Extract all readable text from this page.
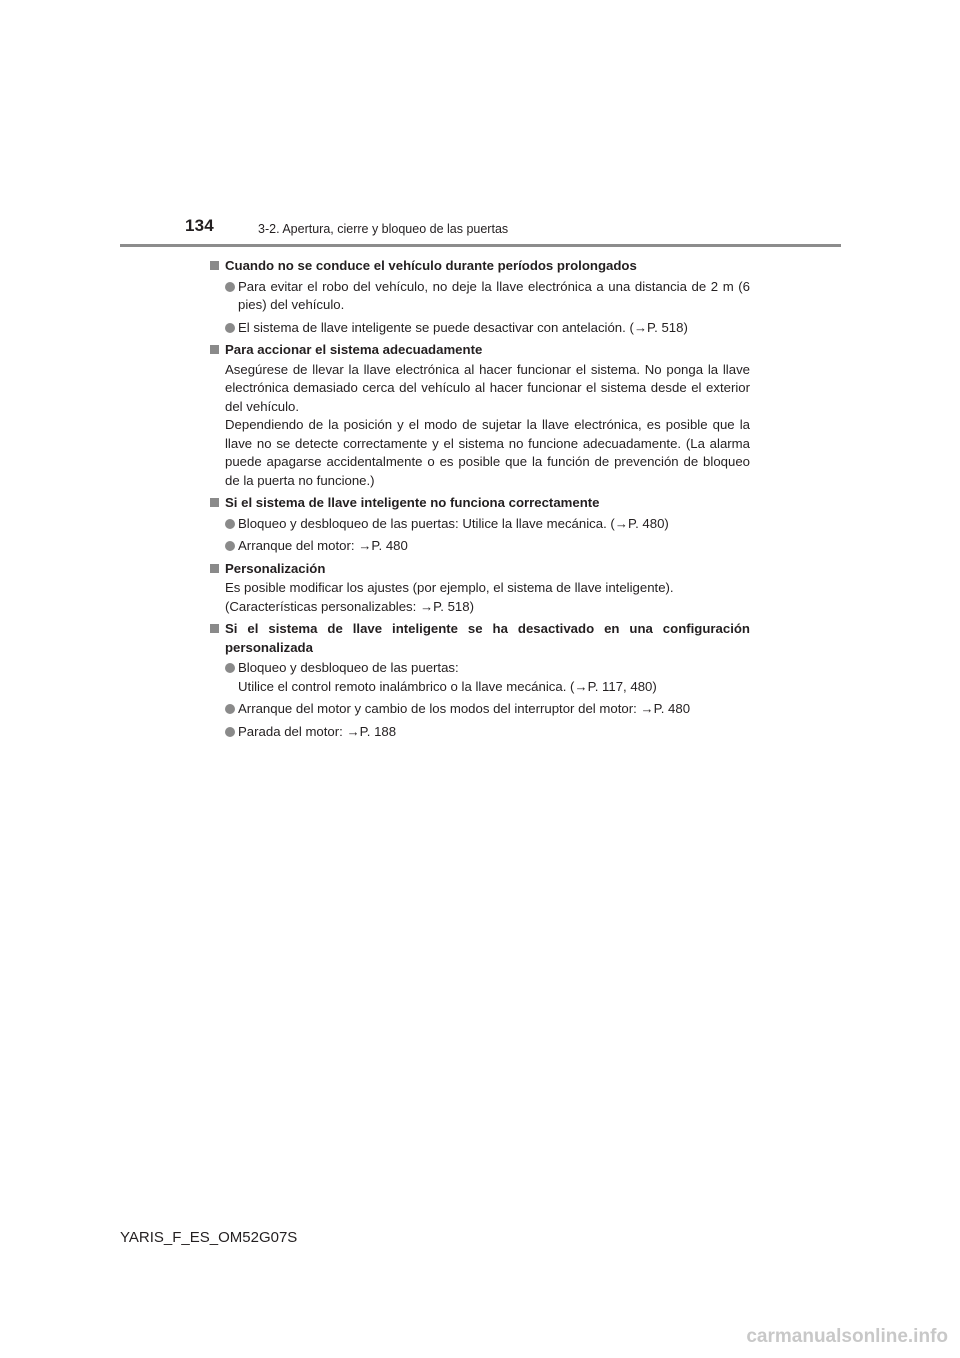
134	3-2. Apertura, cierre y bloqueo de las puertas
Cuando no se conduce el vehículo durante períodos prolongados
Para evitar el robo del vehículo, no deje la llave electrónica a una distancia de 2 m (6 pies) del vehículo.
El sistema de llave inteligente se puede desactivar con antelación. (→P. 518)
Para accionar el sistema adecuadamente
Asegúrese de llevar la llave electrónica al hacer funcionar el sistema. No ponga la llave electrónica demasiado cerca del vehículo al hacer funcionar el sistema desde el exterior del vehículo.
Dependiendo de la posición y el modo de sujetar la llave electrónica, es posible que la llave no se detecte correctamente y el sistema no funcione adecuadamente. (La alarma puede apagarse accidentalmente o es posible que la función de prevención de bloqueo de la puerta no funcione.)
Si el sistema de llave inteligente no funciona correctamente
Bloqueo y desbloqueo de las puertas: Utilice la llave mecánica. (→P. 480)
Arranque del motor: →P. 480
Personalización
Es posible modificar los ajustes (por ejemplo, el sistema de llave inteligente).
(Características personalizables: →P. 518)
Si el sistema de llave inteligente se ha desactivado en una configuración personalizada
Bloqueo y desbloqueo de las puertas:
Utilice el control remoto inalámbrico o la llave mecánica. (→P. 117, 480)
Arranque del motor y cambio de los modos del interruptor del motor: →P. 480
Parada del motor: →P. 188
YARIS_F_ES_OM52G07S
carmanualsonline.info
